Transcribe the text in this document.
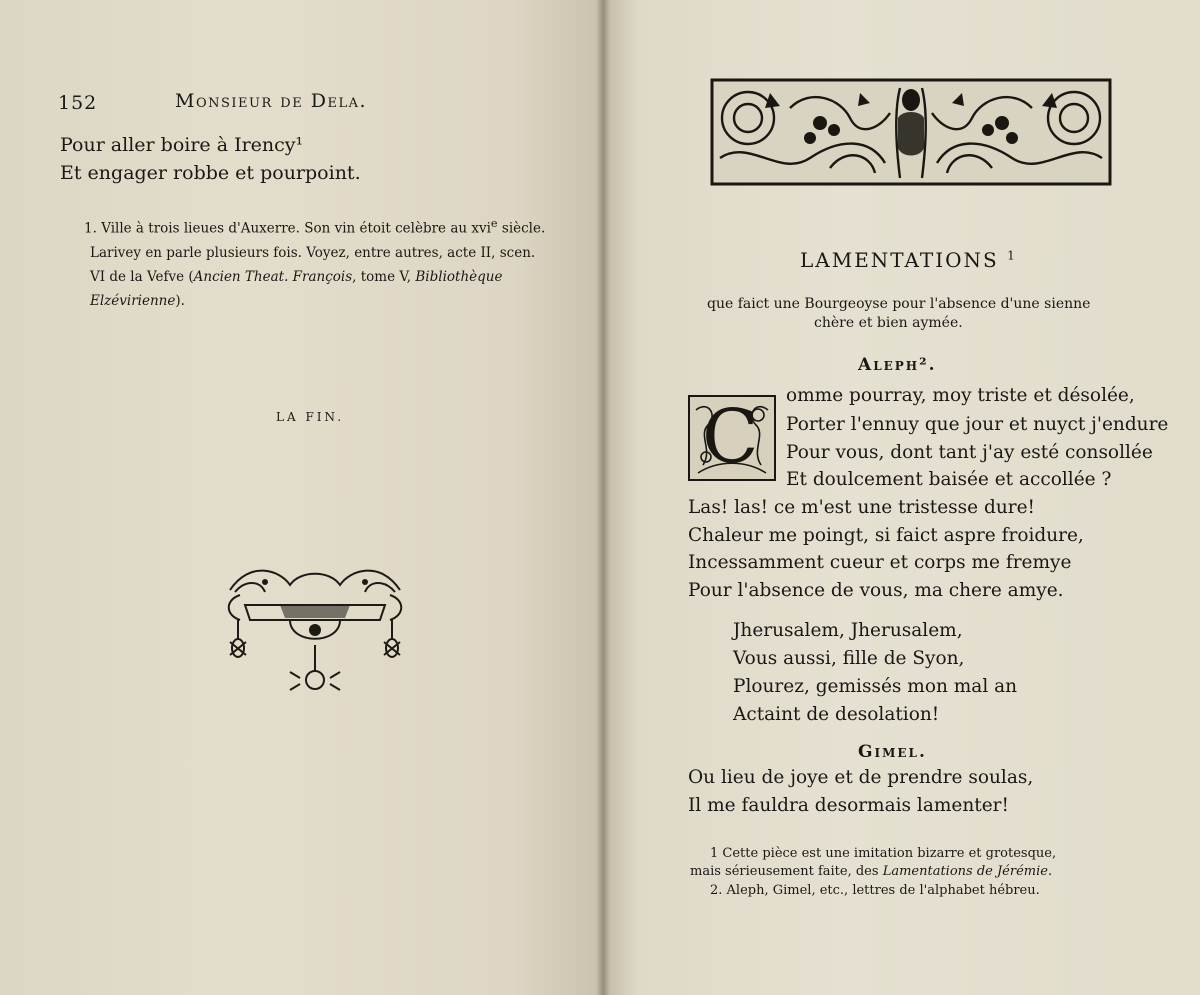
152	Monsieur de Dela.
Pour aller boire à Irency¹
Et engager robbe et pourpoint.
1. Ville à trois lieues d'Auxerre. Son vin étoit celèbre au xvi$^e$ siècle. Larivey en parle plusieurs fois. Voyez, entre autres, acte II, scen. VI de la Vefve (Ancien Theat. François, tome V, Bibliothèque Elzévirienne).
LA FIN.
LAMENTATIONS $^1$
que faict une Bourgeoyse pour l'absence d'une sienne
chère et bien aymée.
Aleph².
C omme pourray, moy triste et désolée,
Porter l'ennuy que jour et nuyct j'endure
Pour vous, dont tant j'ay esté consollée
Et doulcement baisée et accollée ?
Las! las! ce m'est une tristesse dure!
Chaleur me poingt, si faict aspre froidure,
Incessamment cueur et corps me fremye
Pour l'absence de vous, ma chere amye.
Jherusalem, Jherusalem,
Vous aussi, fille de Syon,
Plourez, gemissés mon mal an
Actaint de desolation!
Gimel.
Ou lieu de joye et de prendre soulas,
Il me fauldra desormais lamenter!
1 Cette pièce est une imitation bizarre et grotesque,
mais sérieusement faite, des Lamentations de Jérémie.
2. Aleph, Gimel, etc., lettres de l'alphabet hébreu.
